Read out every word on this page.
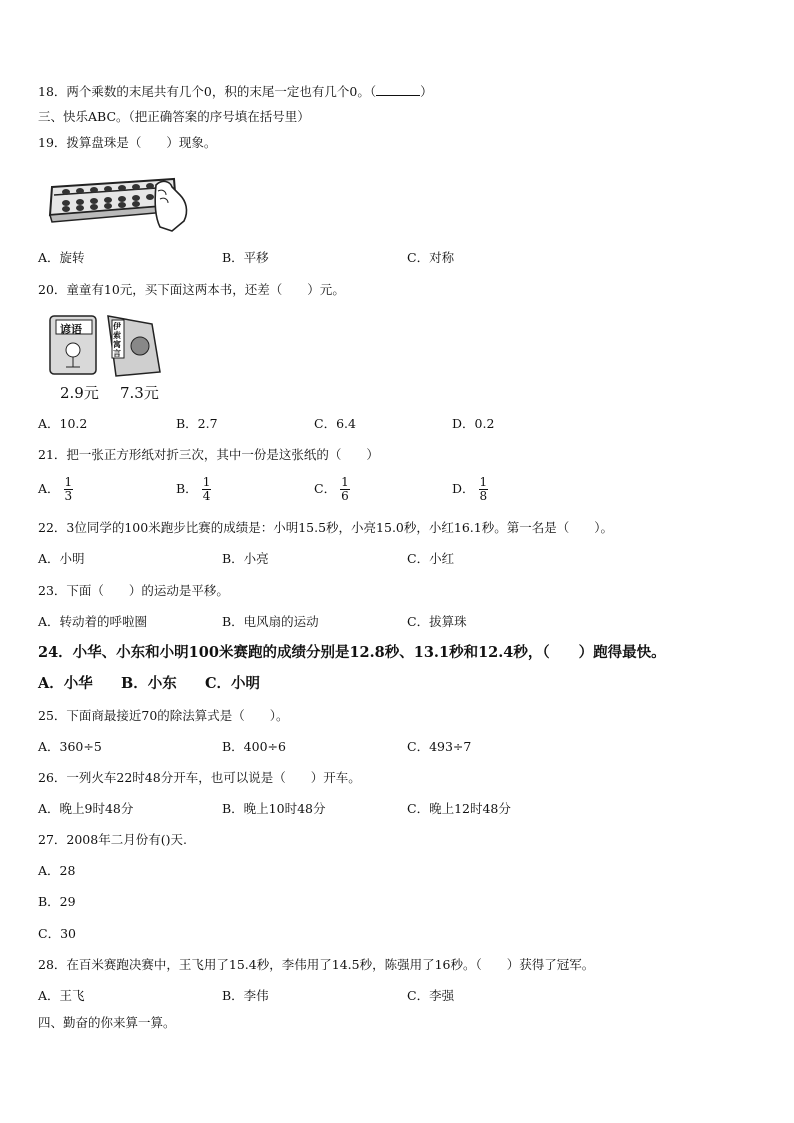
18．两个乘数的末尾共有几个0，积的末尾一定也有几个0。（	）
三、快乐ABC。（把正确答案的序号填在括号里）
19．拨算盘珠是（　　）现象。
A．旋转	B．平移	C．对称
20．童童有10元，买下面这两本书，还差（　　）元。
谚语	伊索寓言
2.9元 7.3元
A．10.2	B．2.7	C．6.4	D．0.2
21．把一张正方形纸对折三次，其中一份是这张纸的（　　）
A． $\frac{1}{3}$	B． $\frac{1}{4}$	C． $\frac{1}{6}$	D． $\frac{1}{8}$
22．3位同学的100米跑步比赛的成绩是：小明15.5秒，小亮15.0秒，小红16.1秒。第一名是（　　）。
A．小明	B．小亮	C．小红
23．下面（　　）的运动是平移。
A．转动着的呼啦圈	B．电风扇的运动	C．拔算珠
24．小华、小东和小明100米赛跑的成绩分别是12.8秒、13.1秒和12.4秒，（　　）跑得最快。
A．小华 B．小东 C．小明
25．下面商最接近70的除法算式是（　　）。
A．360÷5	B．400÷6	C．493÷7
26．一列火车22时48分开车，也可以说是（　　）开车。
A．晚上9时48分	B．晚上10时48分	C．晚上12时48分
27．2008年二月份有()天.
A．28
B．29
C．30
28．在百米赛跑决赛中，王飞用了15.4秒，李伟用了14.5秒，陈强用了16秒。（　　）获得了冠军。
A．王飞	B．李伟	C．李强
四、勤奋的你来算一算。
